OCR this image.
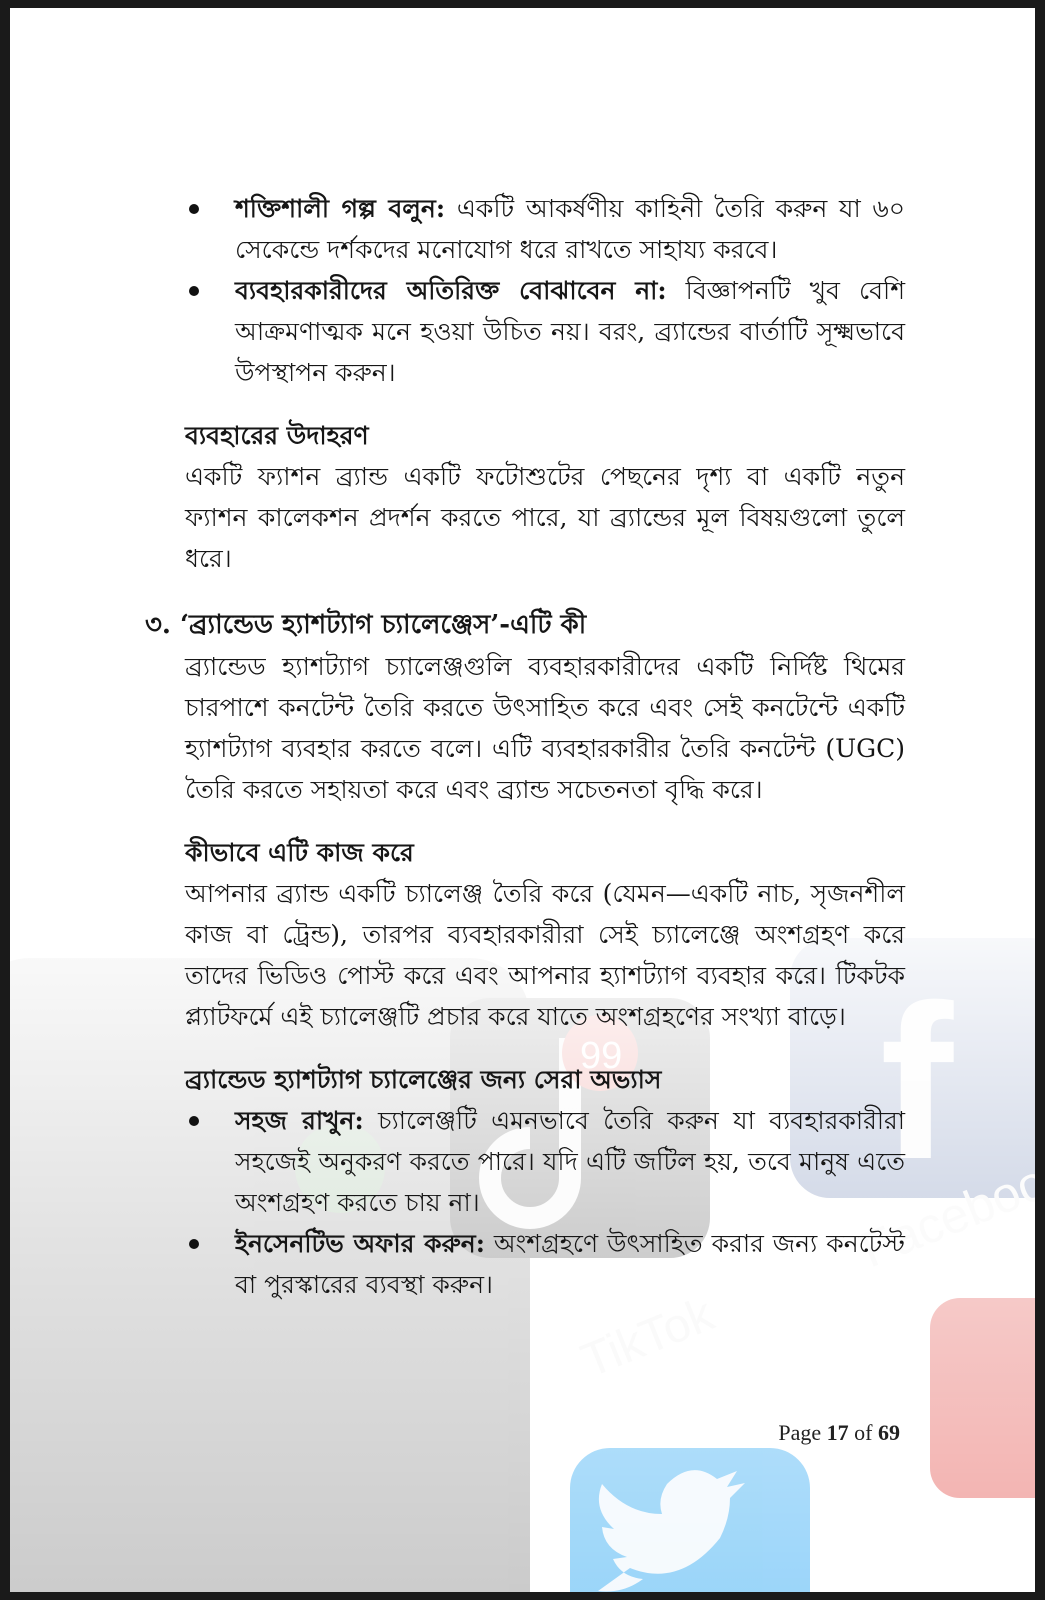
শক্তিশালী গল্প বলুন: একটি আকর্ষণীয় কাহিনী তৈরি করুন যা ৬০ সেকেন্ডে দর্শকদের মনোযোগ ধরে রাখতে সাহায্য করবে।
ব্যবহারকারীদের অতিরিক্ত বোঝাবেন না: বিজ্ঞাপনটি খুব বেশি আক্রমণাত্মক মনে হওয়া উচিত নয়। বরং, ব্র্যান্ডের বার্তাটি সূক্ষ্মভাবে উপস্থাপন করুন।
ব্যবহারের উদাহরণ

একটি ফ্যাশন ব্র্যান্ড একটি ফটোশুটের পেছনের দৃশ্য বা একটি নতুন ফ্যাশন কালেকশন প্রদর্শন করতে পারে, যা ব্র্যান্ডের মূল বিষয়গুলো তুলে ধরে।

৩. ‘ব্র্যান্ডেড হ্যাশট্যাগ চ্যালেঞ্জেস’-এটি কী

ব্র্যান্ডেড হ্যাশট্যাগ চ্যালেঞ্জগুলি ব্যবহারকারীদের একটি নির্দিষ্ট থিমের চারপাশে কনটেন্ট তৈরি করতে উৎসাহিত করে এবং সেই কনটেন্টে একটি হ্যাশট্যাগ ব্যবহার করতে বলে। এটি ব্যবহারকারীর তৈরি কনটেন্ট (UGC) তৈরি করতে সহায়তা করে এবং ব্র্যান্ড সচেতনতা বৃদ্ধি করে।

কীভাবে এটি কাজ করে

আপনার ব্র্যান্ড একটি চ্যালেঞ্জ তৈরি করে (যেমন—একটি নাচ, সৃজনশীল কাজ বা ট্রেন্ড), তারপর ব্যবহারকারীরা সেই চ্যালেঞ্জে অংশগ্রহণ করে তাদের ভিডিও পোস্ট করে এবং আপনার হ্যাশট্যাগ ব্যবহার করে। টিকটক প্ল্যাটফর্মে এই চ্যালেঞ্জটি প্রচার করে যাতে অংশগ্রহণের সংখ্যা বাড়ে।

ব্র্যান্ডেড হ্যাশট্যাগ চ্যালেঞ্জের জন্য সেরা অভ্যাস
সহজ রাখুন: চ্যালেঞ্জটি এমনভাবে তৈরি করুন যা ব্যবহারকারীরা সহজেই অনুকরণ করতে পারে। যদি এটি জটিল হয়, তবে মানুষ এতে অংশগ্রহণ করতে চায় না।
ইনসেনটিভ অফার করুন: অংশগ্রহণে উৎসাহিত করার জন্য কনটেস্ট বা পুরস্কারের ব্যবস্থা করুন।
Page 17 of 69
